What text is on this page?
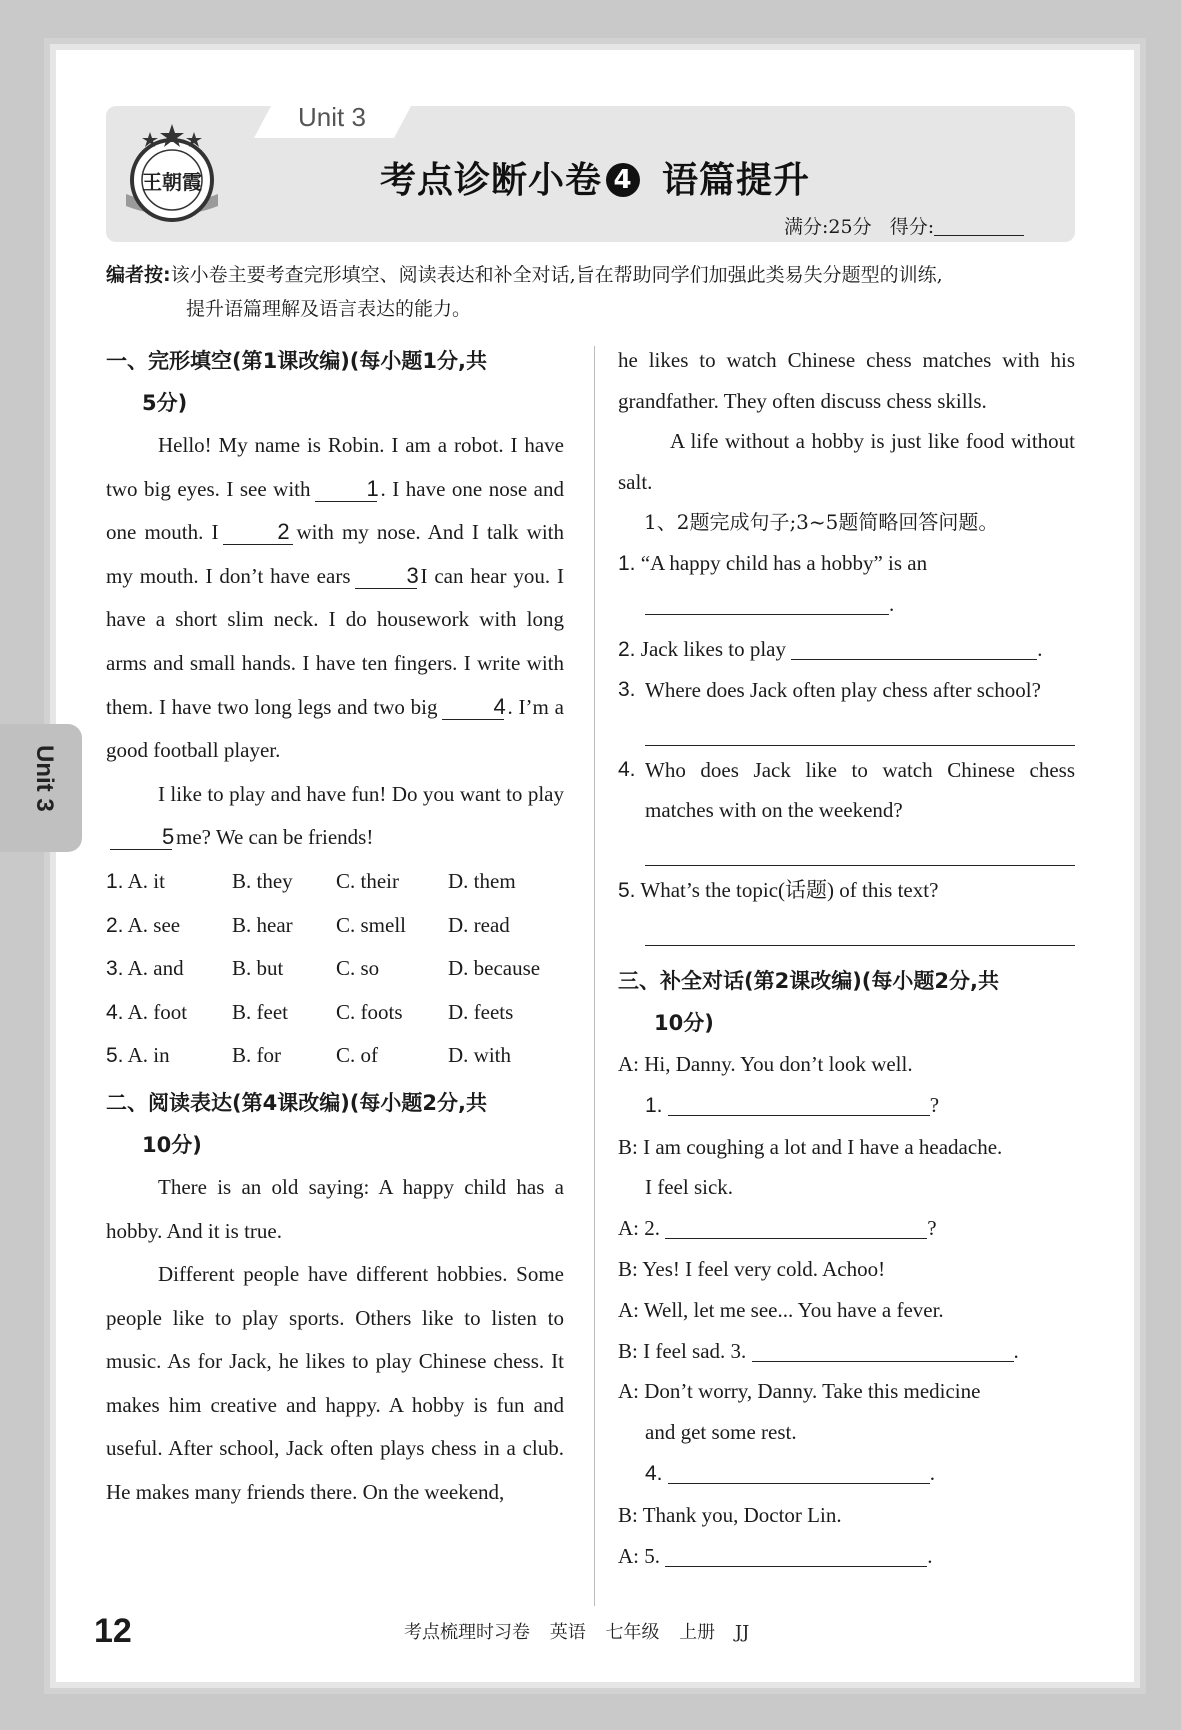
Unit 3
王朝霞	考点诊断小卷 4 语篇提升
满分:25分 得分:
编者按:该小卷主要考查完形填空、阅读表达和补全对话,旨在帮助同学们加强此类易失分题型的训练,
提升语篇理解及语言表达的能力。
一、完形填空(第1课改编)(每小题1分,共
5分)
Hello! My name is Robin. I am a robot. I have two big eyes. I see with	1. I have one nose and one mouth. I	2 with my nose. And I talk with my mouth. I don’t have ears	3I can hear you. I have a short slim neck. I do housework with long arms and small hands. I have ten fingers. I write with them. I have two long legs and two big	4. I’m a good football player.
I like to play and have fun! Do you want to play5me? We can be friends!
1. A. it	B. they	C. their	D. them
2. A. see	B. hear	C. smell	D. read
3. A. and	B. but	C. so	D. because
4. A. foot	B. feet	C. foots	D. feets
5. A. in	B. for	C. of	D. with
二、阅读表达(第4课改编)(每小题2分,共
10分)
There is an old saying: A happy child has a hobby. And it is true.
Different people have different hobbies. Some people like to play sports. Others like to listen to music. As for Jack, he likes to play Chinese chess. It makes him creative and happy. A hobby is fun and useful. After school, Jack often plays chess in a club. He makes many friends there. On the weekend,
he likes to watch Chinese chess matches with his grandfather. They often discuss chess skills.
A life without a hobby is just like food without salt.
1、2题完成句子;3~5题简略回答问题。
1. “A happy child has a hobby” is an
.
2. Jack likes to play	.
3. Where does Jack often play chess after school?
4. Who does Jack like to watch Chinese chess matches with on the weekend?
5. What’s the topic(话题) of this text?
三、补全对话(第2课改编)(每小题2分,共
10分)
A: Hi, Danny. You don’t look well.
1.	?
B: I am coughing a lot and I have a headache.
I feel sick.
A: 2.	?
B: Yes! I feel very cold. Achoo!
A: Well, let me see... You have a fever.
B: I feel sad. 3.	.
A: Don’t worry, Danny. Take this medicine
and get some rest.
4.	.
B: Thank you, Doctor Lin.
A: 5.	.
Unit 3
12	考点梳理时习卷 英语 七年级 上册 JJ
